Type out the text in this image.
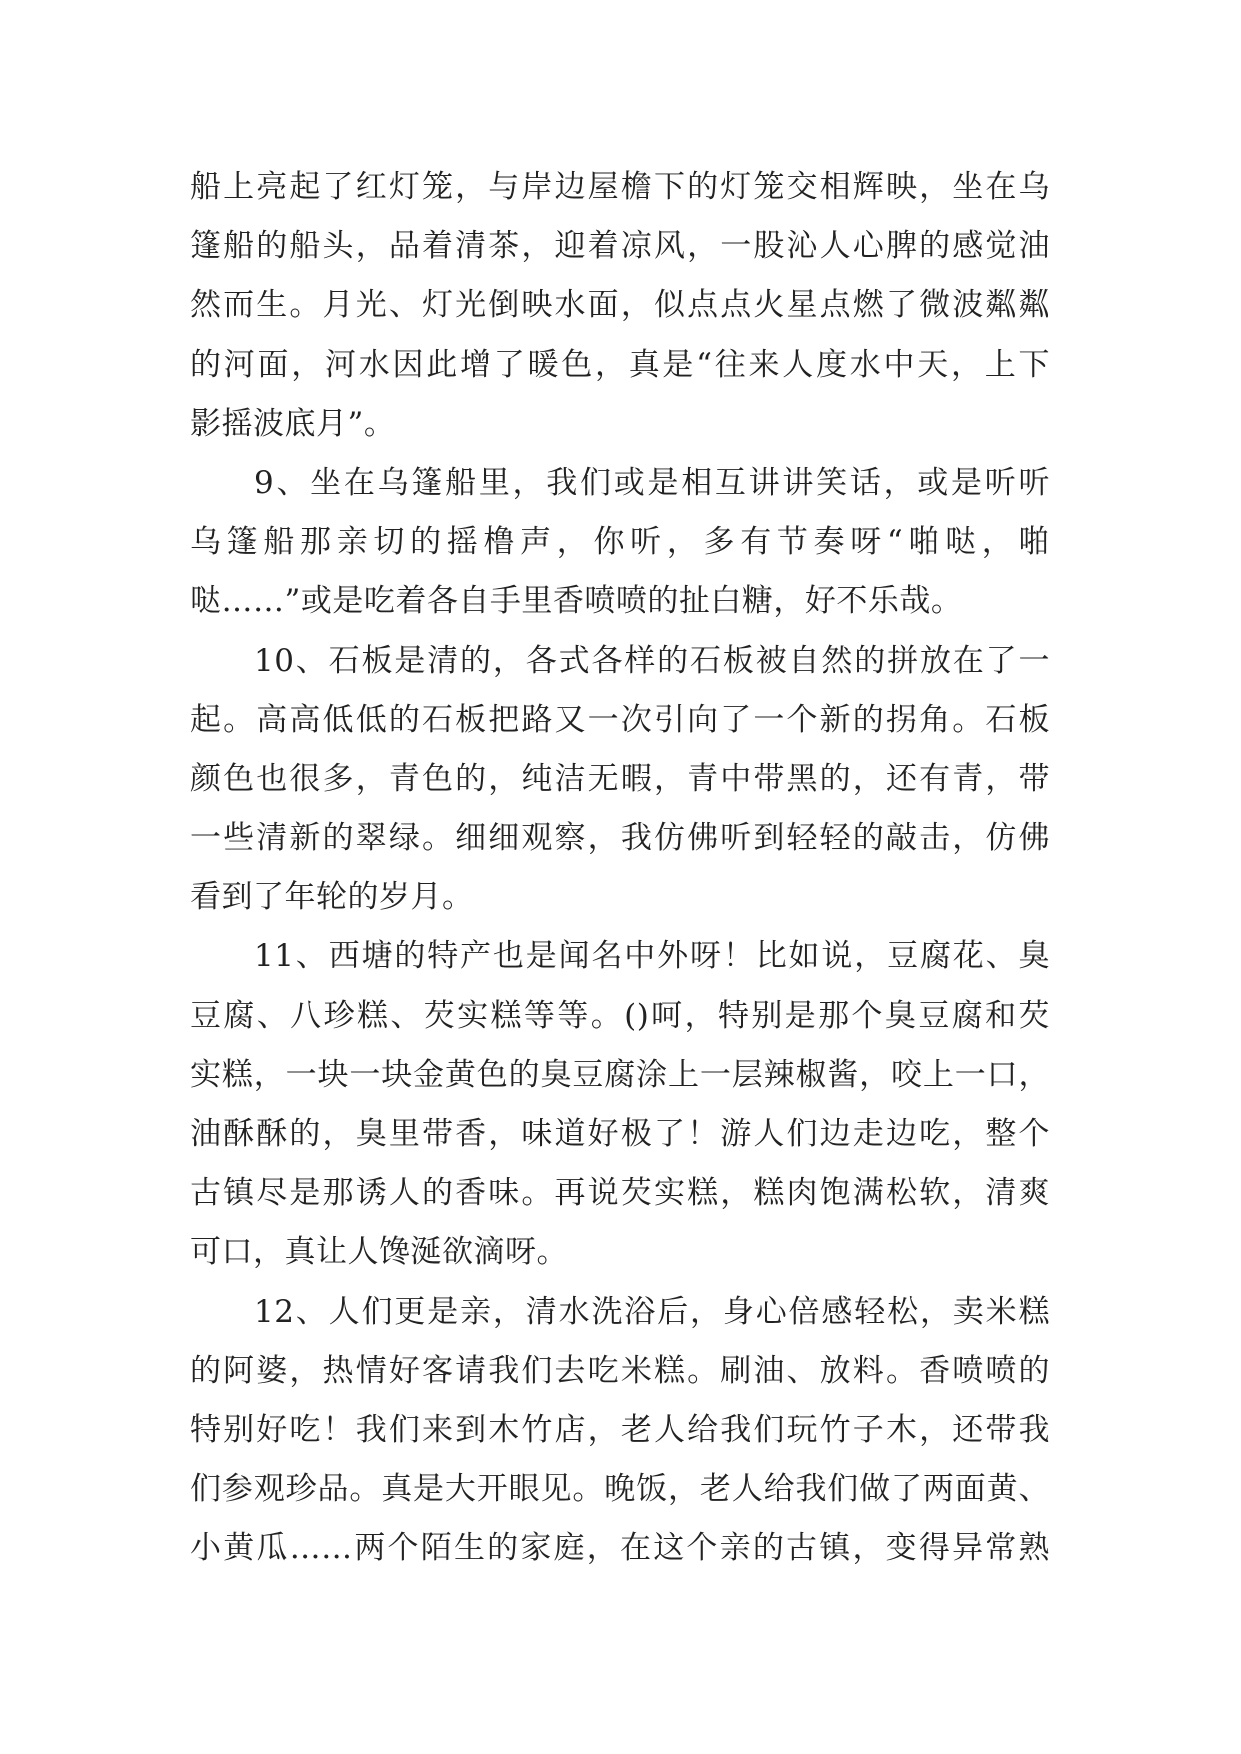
船上亮起了红灯笼，与岸边屋檐下的灯笼交相辉映，坐在乌
篷船的船头，品着清茶，迎着凉风，一股沁人心脾的感觉油
然而生。月光、灯光倒映水面，似点点火星点燃了微波粼粼
的河面，河水因此增了暖色，真是“往来人度水中天，上下
影摇波底月”。
9、坐在乌篷船里，我们或是相互讲讲笑话，或是听听
乌篷船那亲切的摇橹声，你听，多有节奏呀“啪哒，啪
哒……”或是吃着各自手里香喷喷的扯白糖，好不乐哉。
10、石板是清的，各式各样的石板被自然的拼放在了一
起。高高低低的石板把路又一次引向了一个新的拐角。石板
颜色也很多，青色的，纯洁无暇，青中带黑的，还有青，带
一些清新的翠绿。细细观察，我仿佛听到轻轻的敲击，仿佛
看到了年轮的岁月。
11、西塘的特产也是闻名中外呀！比如说，豆腐花、臭
豆腐、八珍糕、芡实糕等等。()呵，特别是那个臭豆腐和芡
实糕，一块一块金黄色的臭豆腐涂上一层辣椒酱，咬上一口，
油酥酥的，臭里带香，味道好极了！游人们边走边吃，整个
古镇尽是那诱人的香味。再说芡实糕，糕肉饱满松软，清爽
可口，真让人馋涎欲滴呀。
12、人们更是亲，清水洗浴后，身心倍感轻松，卖米糕
的阿婆，热情好客请我们去吃米糕。刷油、放料。香喷喷的
特别好吃！我们来到木竹店，老人给我们玩竹子木，还带我
们参观珍品。真是大开眼见。晚饭，老人给我们做了两面黄、
小黄瓜……两个陌生的家庭，在这个亲的古镇，变得异常熟
